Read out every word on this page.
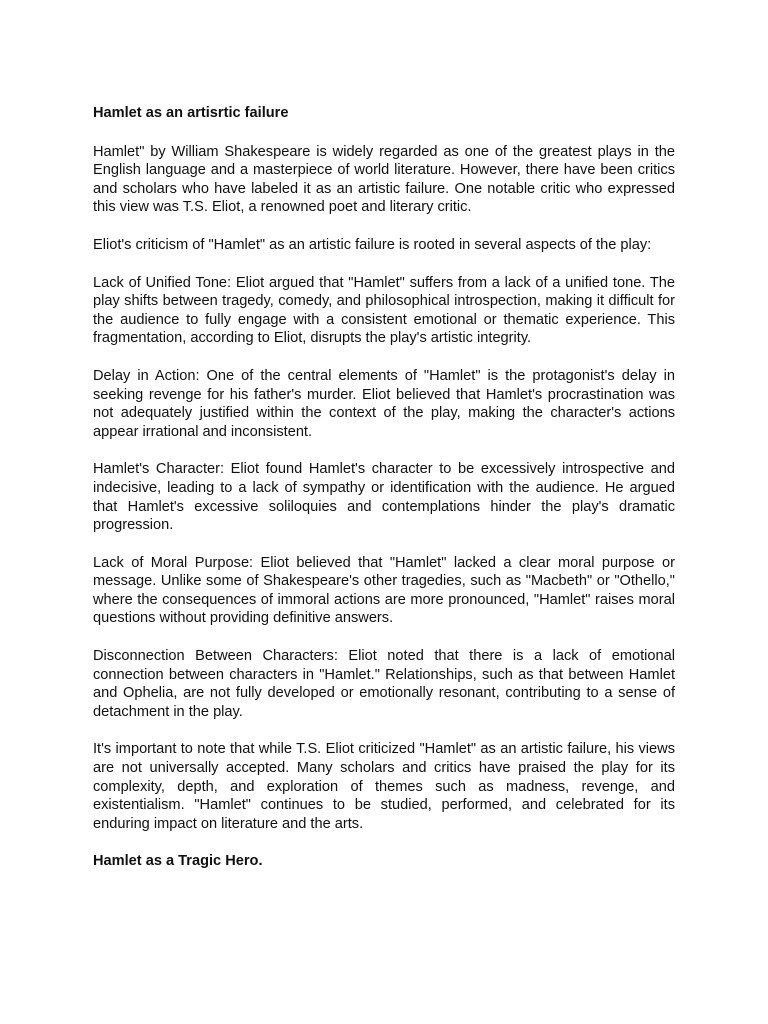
Hamlet as an artisrtic failure

Hamlet" by William Shakespeare is widely regarded as one of the greatest plays in the English language and a masterpiece of world literature. However, there have been critics and scholars who have labeled it as an artistic failure. One notable critic who expressed this view was T.S. Eliot, a renowned poet and literary critic.

Eliot's criticism of "Hamlet" as an artistic failure is rooted in several aspects of the play:

Lack of Unified Tone: Eliot argued that "Hamlet" suffers from a lack of a unified tone. The play shifts between tragedy, comedy, and philosophical introspection, making it difficult for the audience to fully engage with a consistent emotional or thematic experience. This fragmentation, according to Eliot, disrupts the play's artistic integrity.

Delay in Action: One of the central elements of "Hamlet" is the protagonist's delay in seeking revenge for his father's murder. Eliot believed that Hamlet's procrastination was not adequately justified within the context of the play, making the character's actions appear irrational and inconsistent.

Hamlet's Character: Eliot found Hamlet's character to be excessively introspective and indecisive, leading to a lack of sympathy or identification with the audience. He argued that Hamlet's excessive soliloquies and contemplations hinder the play's dramatic progression.

Lack of Moral Purpose: Eliot believed that "Hamlet" lacked a clear moral purpose or message. Unlike some of Shakespeare's other tragedies, such as "Macbeth" or "Othello," where the consequences of immoral actions are more pronounced, "Hamlet" raises moral questions without providing definitive answers.

Disconnection Between Characters: Eliot noted that there is a lack of emotional connection between characters in "Hamlet." Relationships, such as that between Hamlet and Ophelia, are not fully developed or emotionally resonant, contributing to a sense of detachment in the play.

It's important to note that while T.S. Eliot criticized "Hamlet" as an artistic failure, his views are not universally accepted. Many scholars and critics have praised the play for its complexity, depth, and exploration of themes such as madness, revenge, and existentialism. "Hamlet" continues to be studied, performed, and celebrated for its enduring impact on literature and the arts.

Hamlet as a Tragic Hero.
